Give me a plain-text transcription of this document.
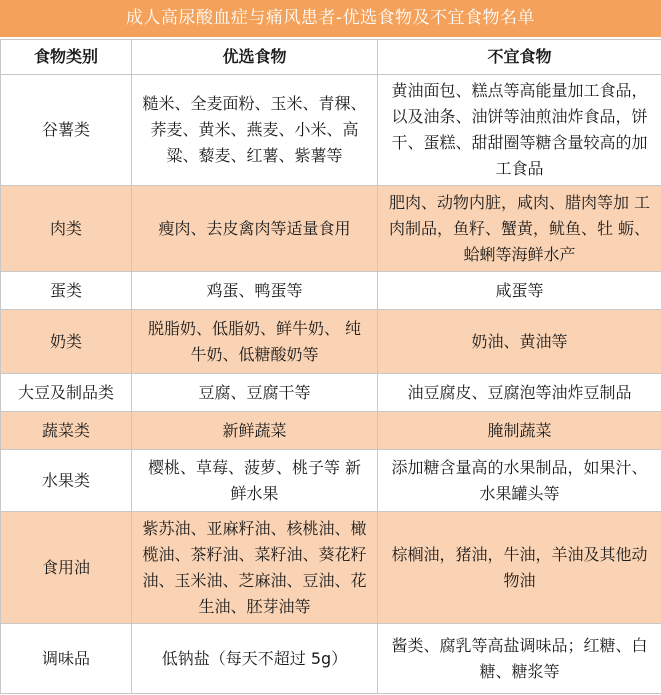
成人高尿酸血症与痛风患者-优选食物及不宜食物名单
食物类别	优选食物	不宜食物
谷薯类	糙米、全麦面粉、玉米、青稞、荞麦、黄米、燕麦、小米、高粱、藜麦、红薯、紫薯等	黄油面包、糕点等高能量加工食品，以及油条、油饼等油煎油炸食品，饼干、蛋糕、甜甜圈等糖含量较高的加工食品
肉类	瘦肉、去皮禽肉等适量食用	肥肉、动物内脏，咸肉、腊肉等加 工肉制品，鱼籽、蟹黄，鱿鱼、牡 蛎、蛤蜊等海鲜水产
蛋类	鸡蛋、鸭蛋等	咸蛋等
奶类	脱脂奶、低脂奶、鲜牛奶、 纯牛奶、低糖酸奶等	奶油、黄油等
大豆及制品类	豆腐、豆腐干等	油豆腐皮、豆腐泡等油炸豆制品
蔬菜类	新鲜蔬菜	腌制蔬菜
水果类	樱桃、草莓、菠萝、桃子等 新鲜水果	添加糖含量高的水果制品，如果汁、水果罐头等
食用油	紫苏油、亚麻籽油、核桃油、橄榄油、茶籽油、菜籽油、葵花籽油、玉米油、芝麻油、豆油、花生油、胚芽油等	棕榈油，猪油，牛油，羊油及其他动物油
调味品	低钠盐（每天不超过 5g）	酱类、腐乳等高盐调味品；红糖、白糖、糖浆等
